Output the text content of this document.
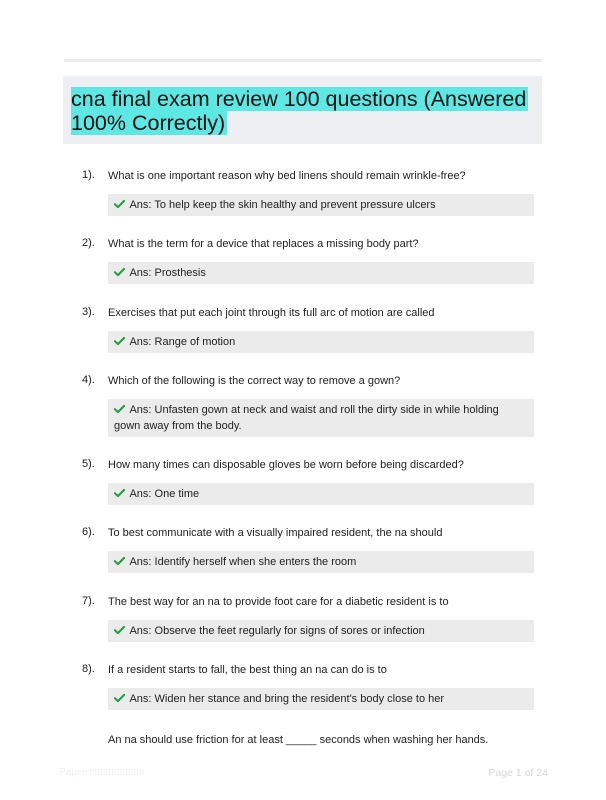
cna final exam review 100 questions (Answered 100% Correctly)
1). What is one important reason why bed linens should remain wrinkle-free?
Ans: To help keep the skin healthy and prevent pressure ulcers
2). What is the term for a device that replaces a missing body part?
Ans: Prosthesis
3). Exercises that put each joint through its full arc of motion are called
Ans: Range of motion
4). Which of the following is the correct way to remove a gown?
Ans: Unfasten gown at neck and waist and roll the dirty side in while holding gown away from the body.
5). How many times can disposable gloves be worn before being discarded?
Ans: One time
6). To best communicate with a visually impaired resident, the na should
Ans: Identify herself when she enters the room
7). The best way for an na to provide foot care for a diabetic resident is to
Ans: Observe the feet regularly for signs of sores or infection
8). If a resident starts to fall, the best thing an na can do is to
Ans: Widen her stance and bring the resident's body close to her
An na should use friction for at least _____ seconds when washing her hands.
Paperrtttttttttttttttttttt	Page 1 of 24
